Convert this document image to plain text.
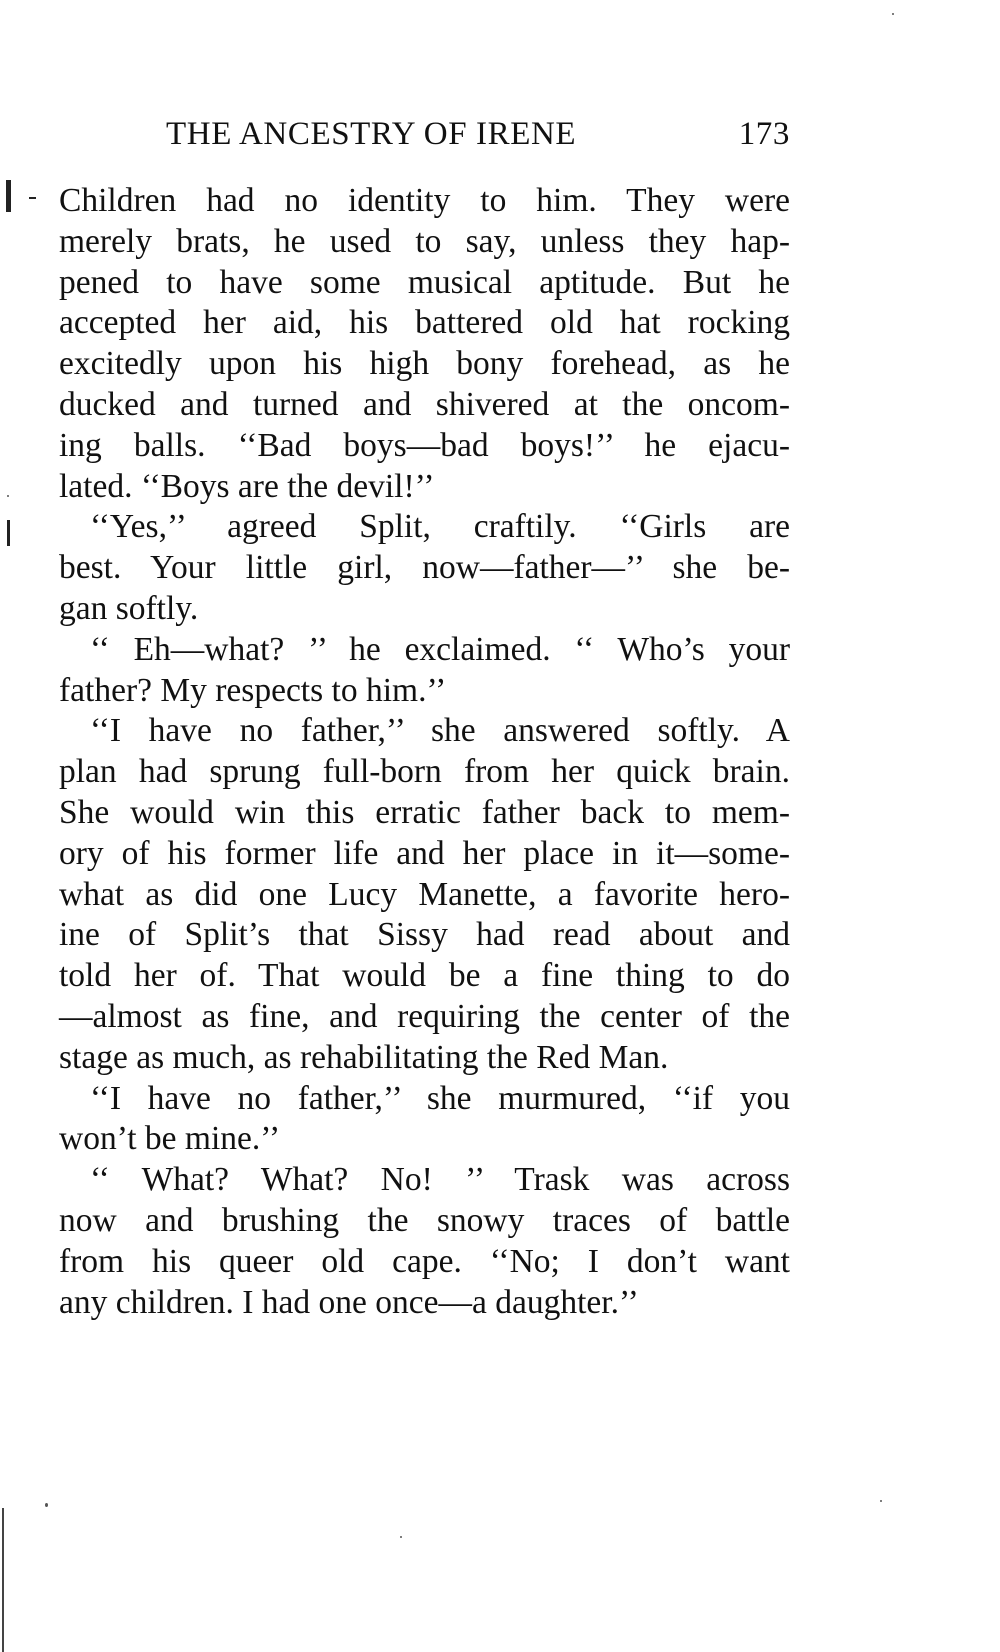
THE ANCESTRY OF IRENE	173
Children had no identity to him. They were
merely brats, he used to say, unless they hap-
pened to have some musical aptitude. But he
accepted her aid, his battered old hat rocking
excitedly upon his high bony forehead, as he
ducked and turned and shivered at the oncom-
ing balls. ‘‘Bad boys—bad boys!’’ he ejacu-
lated. ‘‘Boys are the devil!’’
‘‘Yes,’’ agreed Split, craftily. ‘‘Girls are
best. Your little girl, now—father—’’ she be-
gan softly.
‘‘ Eh—what? ’’ he exclaimed. ‘‘ Who’s your
father? My respects to him.’’
‘‘I have no father,’’ she answered softly. A
plan had sprung full-born from her quick brain.
She would win this erratic father back to mem-
ory of his former life and her place in it—some-
what as did one Lucy Manette, a favorite hero-
ine of Split’s that Sissy had read about and
told her of. That would be a fine thing to do
—almost as fine, and requiring the center of the
stage as much, as rehabilitating the Red Man.
‘‘I have no father,’’ she murmured, ‘‘if you
won’t be mine.’’
‘‘ What? What? No! ’’ Trask was across
now and brushing the snowy traces of battle
from his queer old cape. ‘‘No; I don’t want
any children. I had one once—a daughter.’’
